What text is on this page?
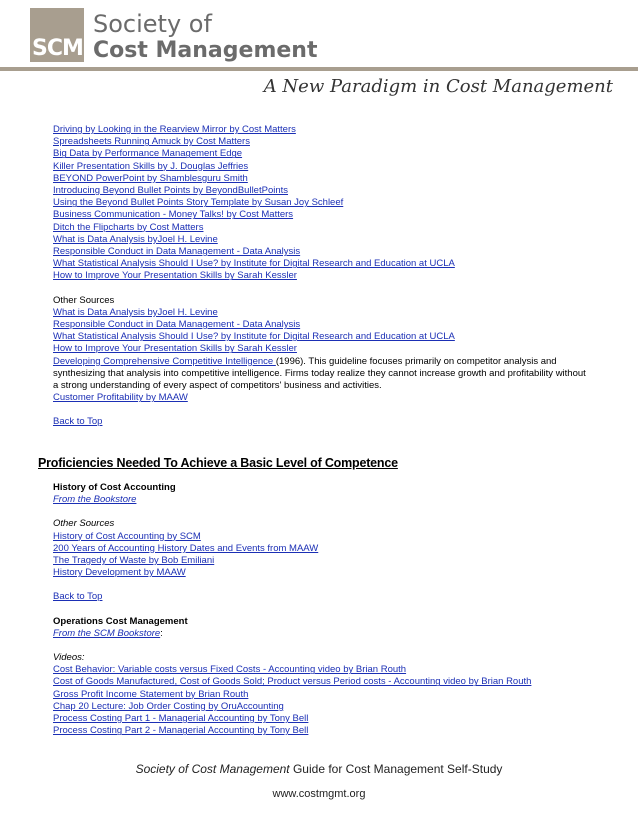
SCM
Society of
Cost Management
A New Paradigm in Cost Management
Driving by Looking in the Rearview Mirror by Cost Matters
Spreadsheets Running Amuck by Cost Matters
Big Data by Performance Management Edge
Killer Presentation Skills by J. Douglas Jeffries
BEYOND PowerPoint by Shamblesguru Smith
Introducing Beyond Bullet Points by BeyondBulletPoints
Using the Beyond Bullet Points Story Template by Susan Joy Schleef
Business Communication - Money Talks! by Cost Matters
Ditch the Flipcharts by Cost Matters
What is Data Analysis byJoel H. Levine
Responsible Conduct in Data Management - Data Analysis
What Statistical Analysis Should I Use? by Institute for Digital Research and Education at UCLA
How to Improve Your Presentation Skills by Sarah Kessler
Other Sources
What is Data Analysis byJoel H. Levine
Responsible Conduct in Data Management - Data Analysis
What Statistical Analysis Should I Use? by Institute for Digital Research and Education at UCLA
How to Improve Your Presentation Skills by Sarah Kessler
Developing Comprehensive Competitive Intelligence (1996). This guideline focuses primarily on competitor analysis and
synthesizing that analysis into competitive intelligence. Firms today realize they cannot increase growth and profitability without
a strong understanding of every aspect of competitors' business and activities.
Customer Profitability by MAAW
Back to Top
Proficiencies Needed To Achieve a Basic Level of Competence
History of Cost Accounting
From the Bookstore
Other Sources
History of Cost Accounting by SCM
200 Years of Accounting History Dates and Events from MAAW
The Tragedy of Waste by Bob Emiliani
History Development by MAAW
Back to Top
Operations Cost Management
From the SCM Bookstore:
Videos:
Cost Behavior: Variable costs versus Fixed Costs - Accounting video by Brian Routh
Cost of Goods Manufactured, Cost of Goods Sold; Product versus Period costs - Accounting video by Brian Routh
Gross Profit Income Statement by Brian Routh
Chap 20 Lecture: Job Order Costing by OruAccounting
Process Costing Part 1 - Managerial Accounting by Tony Bell
Process Costing Part 2 - Managerial Accounting by Tony Bell
Society of Cost Management Guide for Cost Management Self-Study
www.costmgmt.org
